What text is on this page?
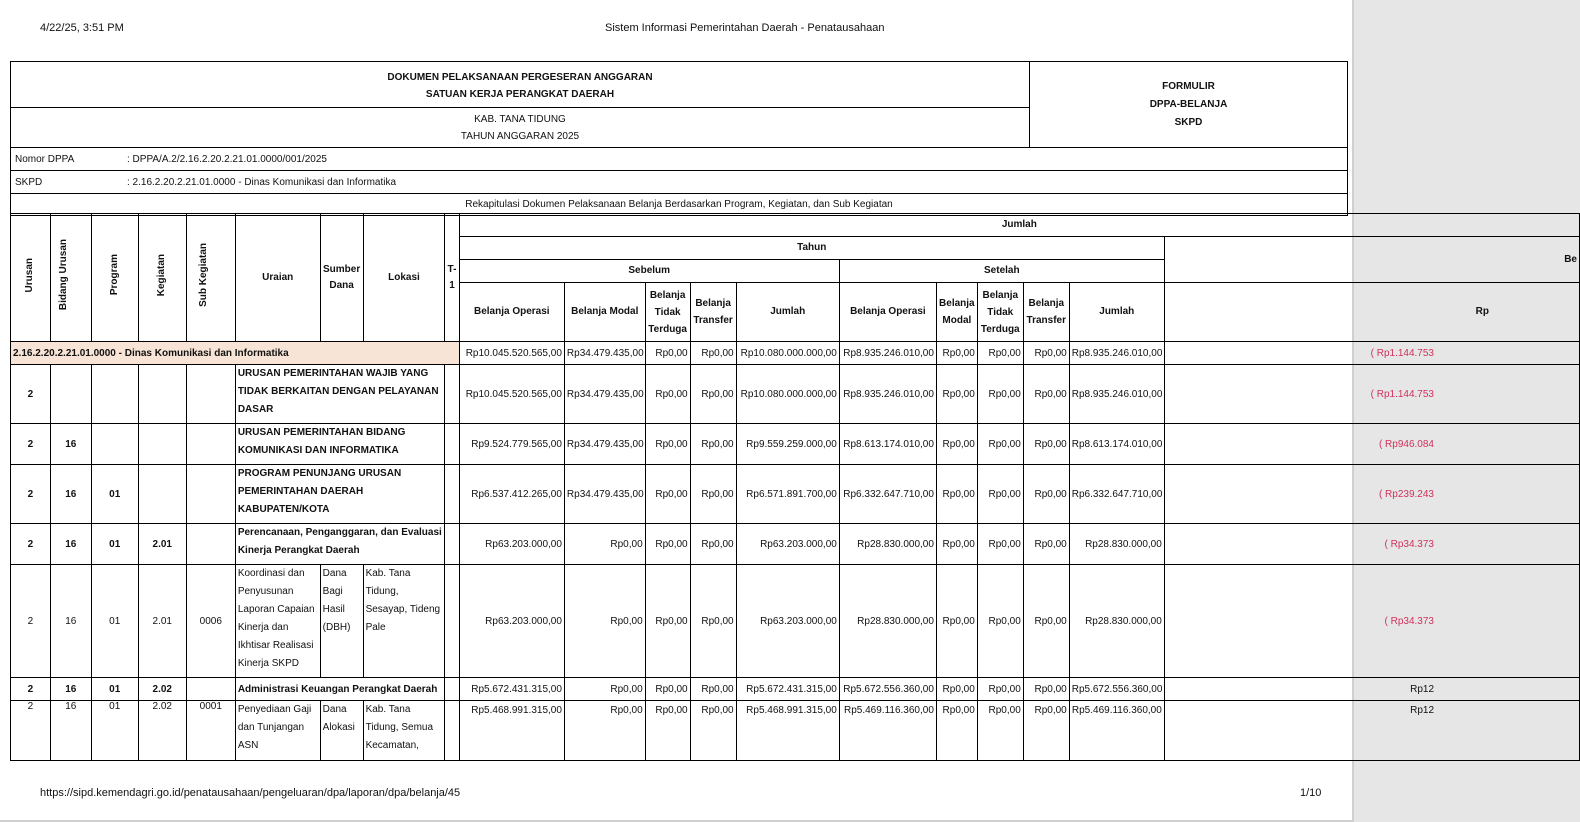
4/22/25, 3:51 PM	Sistem Informasi Pemerintahan Daerah - Penatausahaan
DOKUMEN PELAKSANAAN PERGESERAN ANGGARAN
SATUAN KERJA PERANGKAT DAERAH

FORMULIR
DPPA-BELANJA
SKPD

KAB. TANA TIDUNG
TAHUN ANGGARAN 2025

Nomor DPPA	: DPPA/A.2/2.16.2.20.2.21.01.0000/001/2025
SKPD	: 2.16.2.20.2.21.01.0000 - Dinas Komunikasi dan Informatika
Rekapitulasi Dokumen Pelaksanaan Belanja Berdasarkan Program, Kegiatan, dan Sub Kegiatan
Urusan	Bidang Urusan	Program	Kegiatan	Sub Kegiatan	Uraian	Sumber Dana	Lokasi	T-1	Jumlah										
									Tahun										Be
									Sebelum					Setelah					
									Belanja Operasi	Belanja Modal	Belanja Tidak Terduga	Belanja Transfer	Jumlah	Belanja Operasi	Belanja Modal	Belanja Tidak Terduga	Belanja Transfer	Jumlah	Rp
2.16.2.20.2.21.01.0000 - Dinas Komunikasi dan Informatika									Rp10.045.520.565,00	Rp34.479.435,00	Rp0,00	Rp0,00	Rp10.080.000.000,00	Rp8.935.246.010,00	Rp0,00	Rp0,00	Rp0,00	Rp8.935.246.010,00	( Rp1.144.753
2					URUSAN PEMERINTAHAN WAJIB YANG TIDAK BERKAITAN DENGAN PELAYANAN DASAR				Rp10.045.520.565,00	Rp34.479.435,00	Rp0,00	Rp0,00	Rp10.080.000.000,00	Rp8.935.246.010,00	Rp0,00	Rp0,00	Rp0,00	Rp8.935.246.010,00	( Rp1.144.753
2	16				URUSAN PEMERINTAHAN BIDANG KOMUNIKASI DAN INFORMATIKA				Rp9.524.779.565,00	Rp34.479.435,00	Rp0,00	Rp0,00	Rp9.559.259.000,00	Rp8.613.174.010,00	Rp0,00	Rp0,00	Rp0,00	Rp8.613.174.010,00	( Rp946.084
2	16	01			PROGRAM PENUNJANG URUSAN PEMERINTAHAN DAERAH KABUPATEN/KOTA				Rp6.537.412.265,00	Rp34.479.435,00	Rp0,00	Rp0,00	Rp6.571.891.700,00	Rp6.332.647.710,00	Rp0,00	Rp0,00	Rp0,00	Rp6.332.647.710,00	( Rp239.243
2	16	01	2.01		Perencanaan, Penganggaran, dan Evaluasi Kinerja Perangkat Daerah				Rp63.203.000,00	Rp0,00	Rp0,00	Rp0,00	Rp63.203.000,00	Rp28.830.000,00	Rp0,00	Rp0,00	Rp0,00	Rp28.830.000,00	( Rp34.373
2	16	01	2.01	0006	Koordinasi dan Penyusunan Laporan Capaian Kinerja dan Ikhtisar Realisasi Kinerja SKPD	Dana Bagi Hasil (DBH)	Kab. Tana Tidung, Sesayap, Tideng Pale		Rp63.203.000,00	Rp0,00	Rp0,00	Rp0,00	Rp63.203.000,00	Rp28.830.000,00	Rp0,00	Rp0,00	Rp0,00	Rp28.830.000,00	( Rp34.373
2	16	01	2.02		Administrasi Keuangan Perangkat Daerah				Rp5.672.431.315,00	Rp0,00	Rp0,00	Rp0,00	Rp5.672.431.315,00	Rp5.672.556.360,00	Rp0,00	Rp0,00	Rp0,00	Rp5.672.556.360,00	Rp12
2	16	01	2.02	0001	Penyediaan Gaji dan Tunjangan ASN	Dana Alokasi	Kab. Tana Tidung, Semua Kecamatan,		Rp5.468.991.315,00	Rp0,00	Rp0,00	Rp0,00	Rp5.468.991.315,00	Rp5.469.116.360,00	Rp0,00	Rp0,00	Rp0,00	Rp5.469.116.360,00	Rp12
https://sipd.kemendagri.go.id/penatausahaan/pengeluaran/dpa/laporan/dpa/belanja/45	1/10
